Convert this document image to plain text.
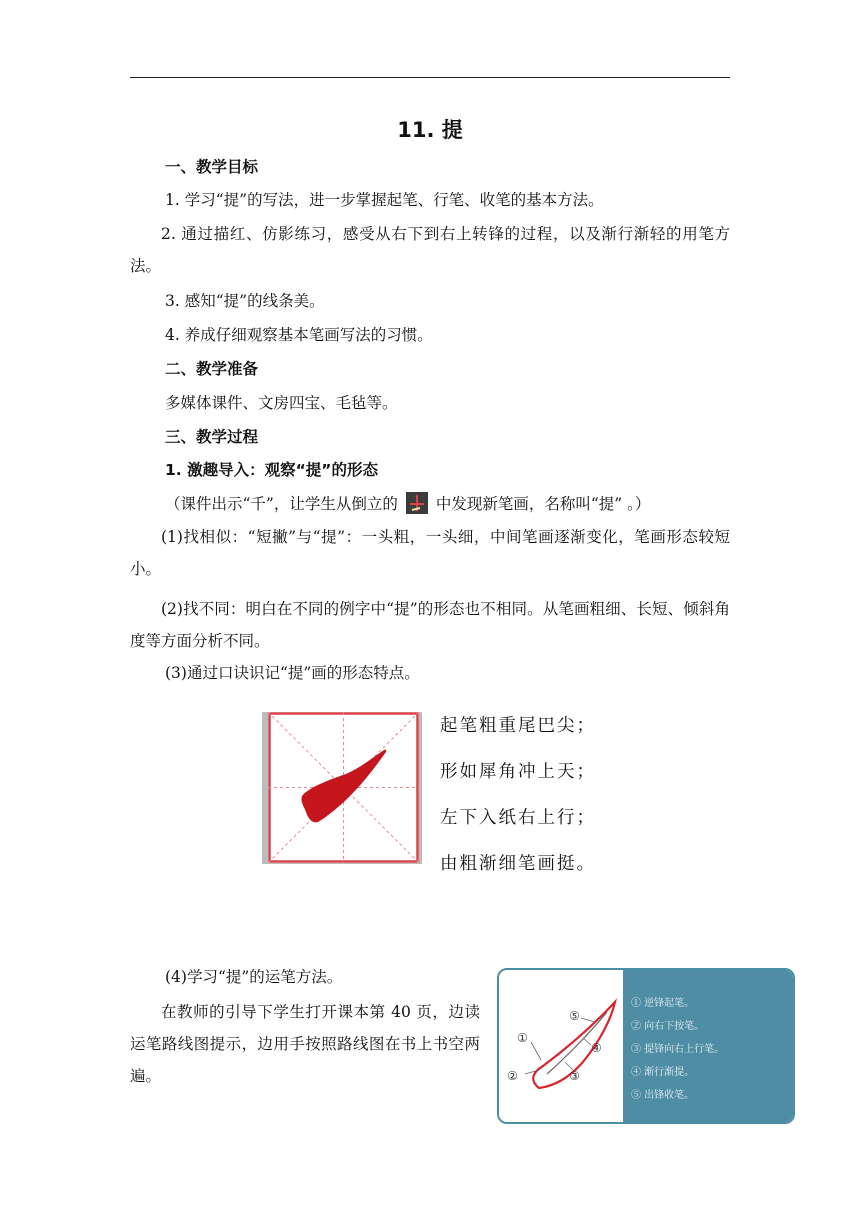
11. 提
一、教学目标
1. 学习“提”的写法，进一步掌握起笔、行笔、收笔的基本方法。
2. 通过描红、仿影练习，感受从右下到右上转锋的过程，以及渐行渐轻的用笔方法。
3. 感知“提”的线条美。
4. 养成仔细观察基本笔画写法的习惯。
二、教学准备
多媒体课件、文房四宝、毛毡等。
三、教学过程
1. 激趣导入：观察“提”的形态
（课件出示“千”，让学生从倒立的 中发现新笔画，名称叫“提” 。）
(1)找相似：“短撇”与“提”：一头粗，一头细，中间笔画逐渐变化，笔画形态较短小。
(2)找不同：明白在不同的例字中“提”的形态也不相同。从笔画粗细、长短、倾斜角度等方面分析不同。
(3)通过口诀识记“提”画的形态特点。
起笔粗重尾巴尖；
形如犀角冲上天；
左下入纸右上行；
由粗渐细笔画挺。
(4)学习“提”的运笔方法。
在教师的引导下学生打开课本第 40 页，边读运笔路线图提示，边用手按照路线图在书上书空两遍。
①
②	③
④
⑤
① 逆锋起笔。
② 向右下按笔。
③ 提锋向右上行笔。
④ 渐行渐提。
⑤ 出锋收笔。
